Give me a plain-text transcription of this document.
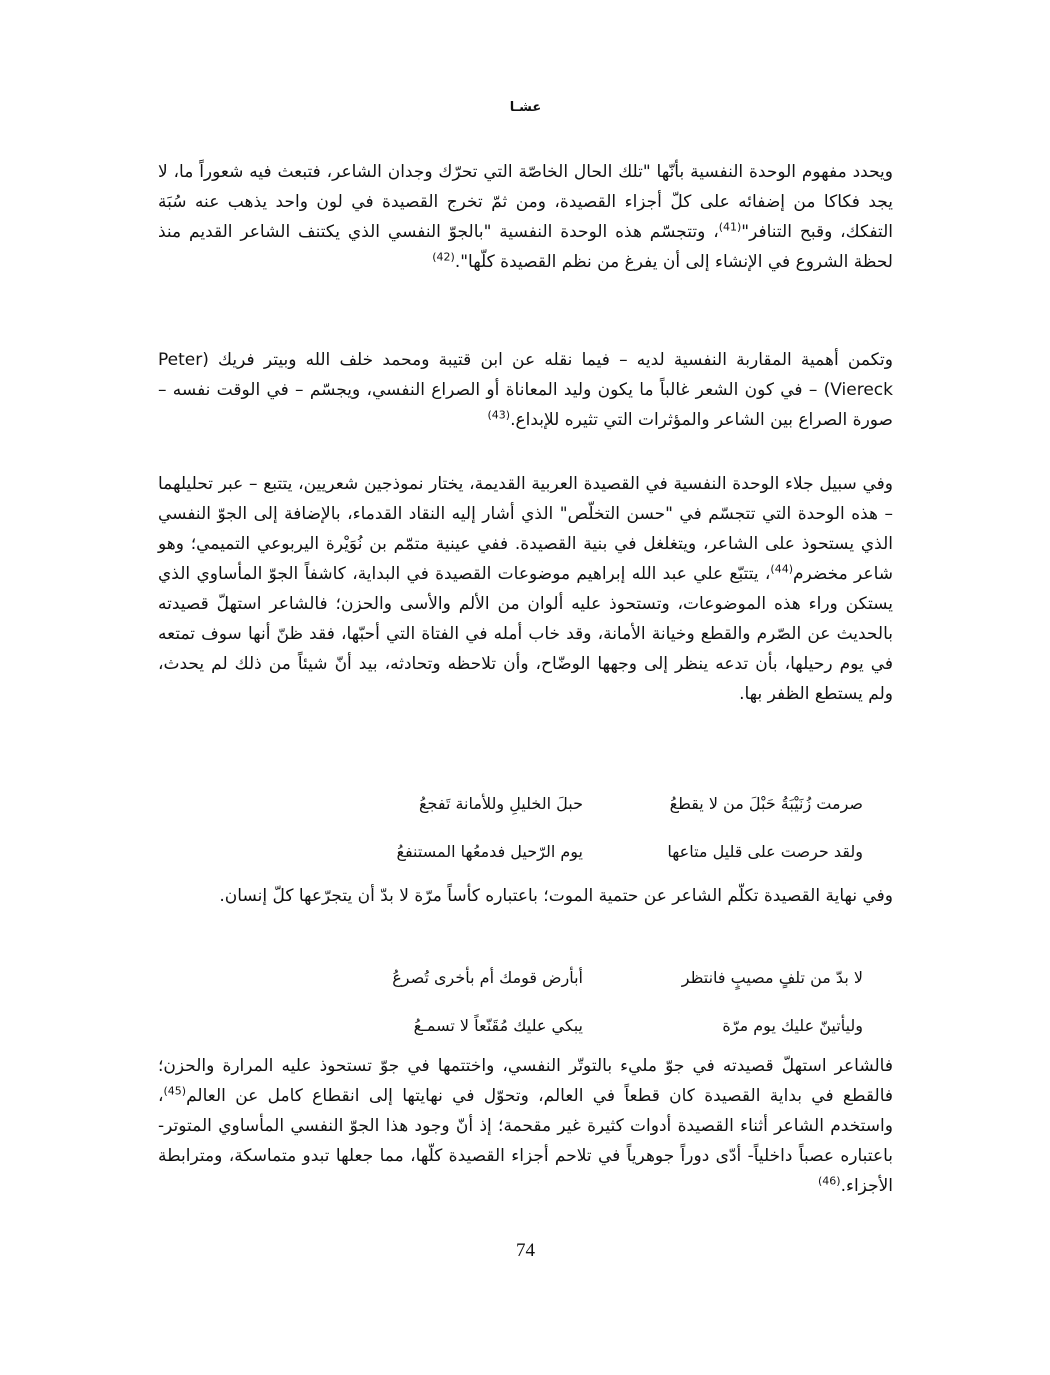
عشـا

ويحدد مفهوم الوحدة النفسية بأنّها "تلك الحال الخاصّة التي تحرّك وجدان الشاعر، فتبعث فيه شعوراً ما، لا يجد فكاكا من إضفائه على كلّ أجزاء القصيدة، ومن ثمّ تخرج القصيدة في لون واحد يذهب عنه سُبَة التفكك، وقبح التنافر"$^{(41)}$، وتتجسّم هذه الوحدة النفسية "بالجوّ النفسي الذي يكتنف الشاعر القديم منذ لحظة الشروع في الإنشاء إلى أن يفرغ من نظم القصيدة كلّها".$^{(42)}$

وتكمن أهمية المقاربة النفسية لديه – فيما نقله عن ابن قتيبة ومحمد خلف الله وبيتر فريك (Peter Viereck) – في كون الشعر غالباً ما يكون وليد المعاناة أو الصراع النفسي، ويجسّم – في الوقت نفسه – صورة الصراع بين الشاعر والمؤثرات التي تثيره للإبداع.$^{(43)}$

وفي سبيل جلاء الوحدة النفسية في القصيدة العربية القديمة، يختار نموذجين شعريين، يتتبع – عبر تحليلهما – هذه الوحدة التي تتجسّم في "حسن التخلّص" الذي أشار إليه النقاد القدماء، بالإضافة إلى الجوّ النفسي الذي يستحوذ على الشاعر، ويتغلغل في بنية القصيدة. ففي عينية متمّم بن نُوَيْرة اليربوعي التميمي؛ وهو شاعر مخضرم$^{(44)}$، يتتبّع علي عبد الله إبراهيم موضوعات القصيدة في البداية، كاشفاً الجوّ المأساوي الذي يستكن وراء هذه الموضوعات، وتستحوذ عليه ألوان من الألم والأسى والحزن؛ فالشاعر استهلّ قصيدته بالحديث عن الصّرم والقطع وخيانة الأمانة، وقد خاب أمله في الفتاة التي أحبّها، فقد ظنّ أنها سوف تمتعه في يوم رحيلها، بأن تدعه ينظر إلى وجهها الوضّاح، وأن تلاحظه وتحادثه، بيد أنّ شيئاً من ذلك لم يحدث، ولم يستطع الظفر بها.

صرمت زُنَيْبَةُ حَبْلَ من لا يقطعُ
حبلَ الخليلِ وللأمانة تَفجعُ
ولقد حرصت على قليل متاعها
يوم الرّحيل فدمعُها المستنفعُ

وفي نهاية القصيدة تكلّم الشاعر عن حتمية الموت؛ باعتباره كأساً مرّة لا بدّ أن يتجرّعها كلّ إنسان.

لا بدّ من تلفٍ مصيبٍ فانتظر
أبأرض قومك أم بأخرى تُصرعُ
وليأتينّ عليك يوم مرّة
يبكي عليك مُقَنّعاً لا تسمـعُ

فالشاعر استهلّ قصيدته في جوّ مليء بالتوتّر النفسي، واختتمها في جوّ تستحوذ عليه المرارة والحزن؛ فالقطع في بداية القصيدة كان قطعاً في العالم، وتحوّل في نهايتها إلى انقطاع كامل عن العالم$^{(45)}$، واستخدم الشاعر أثناء القصيدة أدوات كثيرة غير مقحمة؛ إذ أنّ وجود هذا الجوّ النفسي المأساوي المتوتر-باعتباره عصباً داخلياً- أدّى دوراً جوهرياً في تلاحم أجزاء القصيدة كلّها، مما جعلها تبدو متماسكة، ومترابطة الأجزاء.$^{(46)}$

74
